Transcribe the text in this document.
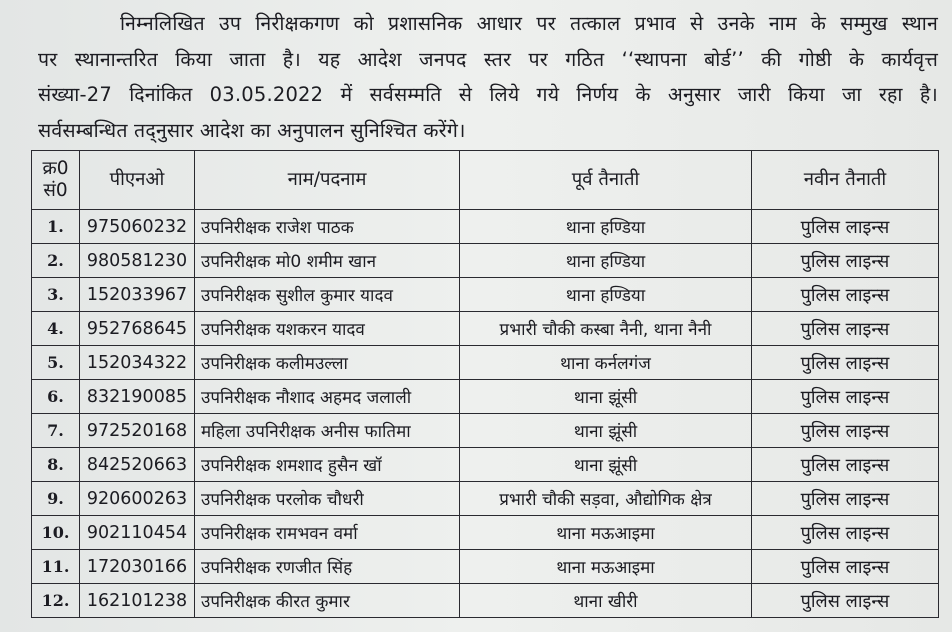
निम्नलिखित उप निरीक्षकगण को प्रशासनिक आधार पर तत्काल प्रभाव से उनके नाम के सम्मुख स्थान
पर स्थानान्तरित किया जाता है। यह आदेश जनपद स्तर पर गठित ‘‘स्थापना बोर्ड’’ की गोष्ठी के कार्यवृत्त
संख्या-27 दिनांकित 03.05.2022 में सर्वसम्मति से लिये गये निर्णय के अनुसार जारी किया जा रहा है।
सर्वसम्बन्धित तद्नुसार आदेश का अनुपालन सुनिश्चित करेंगे।
क्र0
सं0	पीएनओ	नाम/पदनाम	पूर्व तैनाती	नवीन तैनाती
1.	975060232	उपनिरीक्षक राजेश पाठक	थाना हण्डिया	पुलिस लाइन्स
2.	980581230	उपनिरीक्षक मो0 शमीम खान	थाना हण्डिया	पुलिस लाइन्स
3.	152033967	उपनिरीक्षक सुशील कुमार यादव	थाना हण्डिया	पुलिस लाइन्स
4.	952768645	उपनिरीक्षक यशकरन यादव	प्रभारी चौकी कस्बा नैनी, थाना नैनी	पुलिस लाइन्स
5.	152034322	उपनिरीक्षक कलीमउल्ला	थाना कर्नलगंज	पुलिस लाइन्स
6.	832190085	उपनिरीक्षक नौशाद अहमद जलाली	थाना झूंसी	पुलिस लाइन्स
7.	972520168	महिला उपनिरीक्षक अनीस फातिमा	थाना झूंसी	पुलिस लाइन्स
8.	842520663	उपनिरीक्षक शमशाद हुसैन खॉ	थाना झूंसी	पुलिस लाइन्स
9.	920600263	उपनिरीक्षक परलोक चौधरी	प्रभारी चौकी सड़वा, औद्योगिक क्षेत्र	पुलिस लाइन्स
10.	902110454	उपनिरीक्षक रामभवन वर्मा	थाना मऊआइमा	पुलिस लाइन्स
11.	172030166	उपनिरीक्षक रणजीत सिंह	थाना मऊआइमा	पुलिस लाइन्स
12.	162101238	उपनिरीक्षक कीरत कुमार	थाना खीरी	पुलिस लाइन्स
